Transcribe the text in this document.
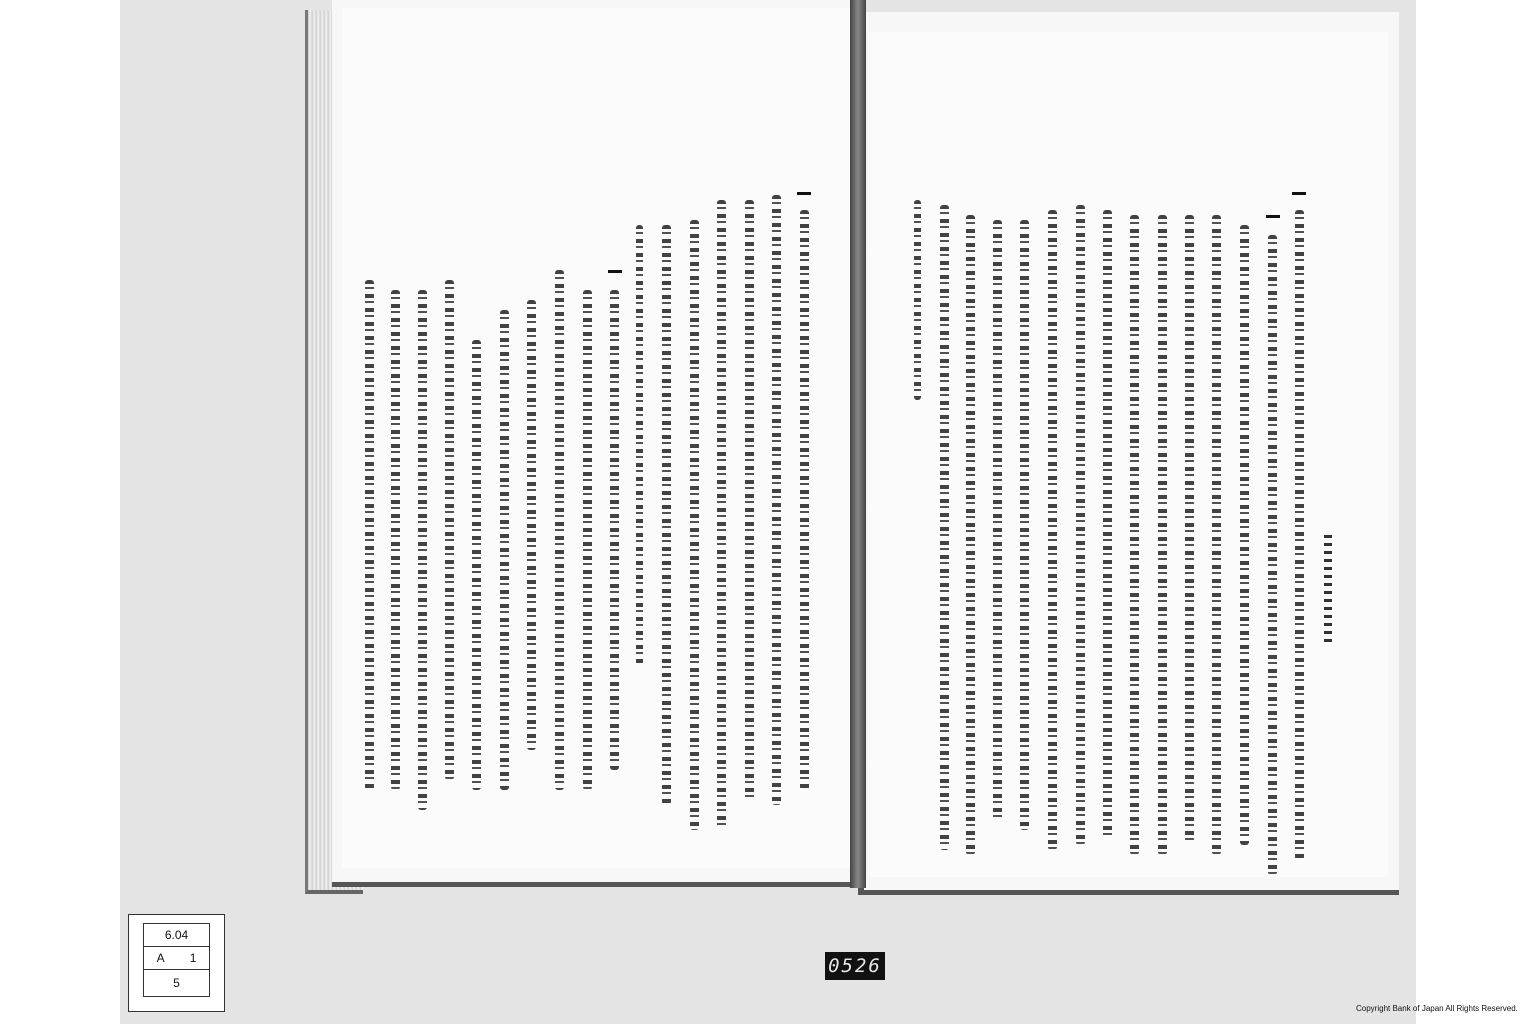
6.04
A 1
5
0526
Copyright Bank of Japan All Rights Reserved.
